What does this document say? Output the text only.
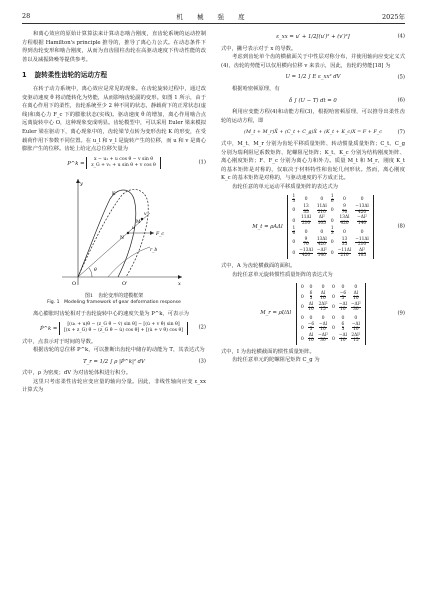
28	机 械 强 度	2025年

和离心效应的原始计算算法来计算动态啮合刚度，直齿轮系统的运动控制方程根据 Hamilton's principle 推导的，推导了离心力公式。在动态条件下得到齿轮变形和啮合刚度，从而为直齿圆柱齿轮在高驱动速度下传动性能的改善以及减振降噪等提供参考。

1 旋转柔性齿轮的运动方程

在转子动力系统中，离心效应是常见的现象。在齿轮旋转过程中，通过改变驱动速度 θ 将动能转化为势能，从而影响齿轮副的变形。如图 1 所示，由于在离心作用下的柔性，齿轮系统至少 2 种不同的状态，静载荷下的正常状态(虚线)和离心力 F_c 下的膨胀状态(实线)。驱动速度 θ 的增加，离心作用啮合点远离旋转中心 O，这种现象变成明显。齿轮模型中，可以采用 Euler 梁来模拟 Euler 梁在驱动下，离心现象中的，齿轮梁节点转为变形齿轮 K 的形变，在受载荷作用下参数不同位置。在 u_l 和 v_l 是旋转产生的位移，而 u 和 v 是离心膨胀产生的位移。齿轮上给定点总位移矢量为

P^k =
x − u₁ + u cos θ − v sin θ
z_G + v₁ + u sin θ + v cos θ	(1)
y
x
O	O'
u
v
F_c
N
M
K
θ
r_b
图1　齿轮变形的建模框架
Fig. 1　Modeling framework of gear deformation response

离心膨胀时齿轮相对于齿轮旋转中心的速度矢量为 P^k，可表示为

Ṗ^k =
[(u₁ + u)θ̇ − (z_G θ̇ − v̇) sin θ] − [(u̇ + v θ̇) sin θ]
[(x + z_G) θ̇ − (z_G θ̇ − u̇) cos θ] + [(u̇ + v θ̇) cos θ]	(2)

式中，点表示对于时间的导数。

根据齿轮的总位移 P^k，可以推断出齿轮中储存的动能为 T，其表达式为

T_r = 1/2 ∫ ρ |Ṗ^k|² dV	(3)

式中，ρ 为密度；dV 为对齿轮体积进行积分。

这里只考虑柔性齿轮应变应量的轴向分量。因此，非线性轴向应变 ε_xx 计算式为

ε_xx = u′ + 1/2[(u′)² + (v′)²]	(4)

式中，撇号表示对于 x 的导数。

考虑到齿轮单个齿的横截面关于中性层对称分布，并使用轴向应变定义式(4)，齿轮的势能可以仅用横向位移 v 来表示，因此，齿轮的势能[18] 为

U = 1/2 ∫ E ε_xx² dV	(5)

根据哈密顿原理，有

δ ∫ (U − T) dt = 0	(6)

利用应变能方程(4)和动能方程(3)，根据哈密顿原理，可以推导出柔性齿轮的运动方程，即

(M_t + M_r)Ẍ + (C_t + C_g)Ẋ + (K_t + K_c)X = F + F_c	(7)

式中，M_t、M_r 分别为齿轮平移质量矩阵、转动惯量质量矩阵；C_t、C_g 分别为瑞利阻尼系数矩阵、陀螺阻尼矩阵；K_t、K_c 分别为结构刚度矩阵、离心刚度矩阵；F、F_c 分别为离心力和外力。质量 M_t 和 M_r，刚度 K_t 的基本矩阵是对称的，仅取决于材料特性和齿轮几何形状。然而，离心刚度 K_c 的基本矩阵是对称的，与驱动速度的平方成正比。

齿轮任意的单元运动平移质量矩阵的表达式为

M_t = ρAΔl
$\frac{1}{3}$	0	0	$\frac{1}{6}$	0	0
0	$\frac{13}{35}$	$\frac{11\Delta l}{210}$	0	$\frac{9}{70}$	$\frac{-13\Delta l}{420}$

0	$\frac{11\Delta l}{210}$	$\frac{\text{Δl²}}{105}$	0	$\frac{13\Delta l}{420}$	$\frac{\text{−Δl²}}{140}$

$\frac{1}{6}$	0	0	$\frac{1}{3}$	0	0
0	$\frac{9}{70}$	$\frac{13\Delta l}{420}$	0	$\frac{13}{35}$	$\frac{-11\Delta l}{210}$

0	$\frac{-13\Delta l}{420}$	$\frac{\text{−Δl²}}{140}$	0	$\frac{-11\Delta l}{210}$	$\frac{\text{Δl²}}{105}$
(8)

式中，A 为齿轮横截面的面积。

齿轮任意单元旋转惯性质量矩阵的表达式为

M_r = ρI/Δl
0	0	0	0	0	0
0	$\frac{6}{5}$	$\frac{\Delta l}{10}$	0	$\frac{-6}{5}$	$\frac{\Delta l}{10}$

0	$\frac{\Delta l}{10}$	$\frac{\text{2Δl²}}{15}$	0	$\frac{-\Delta l}{10}$	$\frac{\text{−Δl²}}{30}$

0	0	0	0	0	0
0	$\frac{-6}{5}$	$\frac{-\Delta l}{10}$	0	$\frac{6}{5}$	$\frac{-\Delta l}{10}$

0	$\frac{\Delta l}{10}$	$\frac{\text{−Δl²}}{30}$	0	$\frac{-\Delta l}{10}$	$\frac{\text{2Δl²}}{15}$
(9)

式中，I 为齿轮横截面的惯性质量矩阵。

齿轮任意单元的陀螺阻尼矩阵 C_g 为
